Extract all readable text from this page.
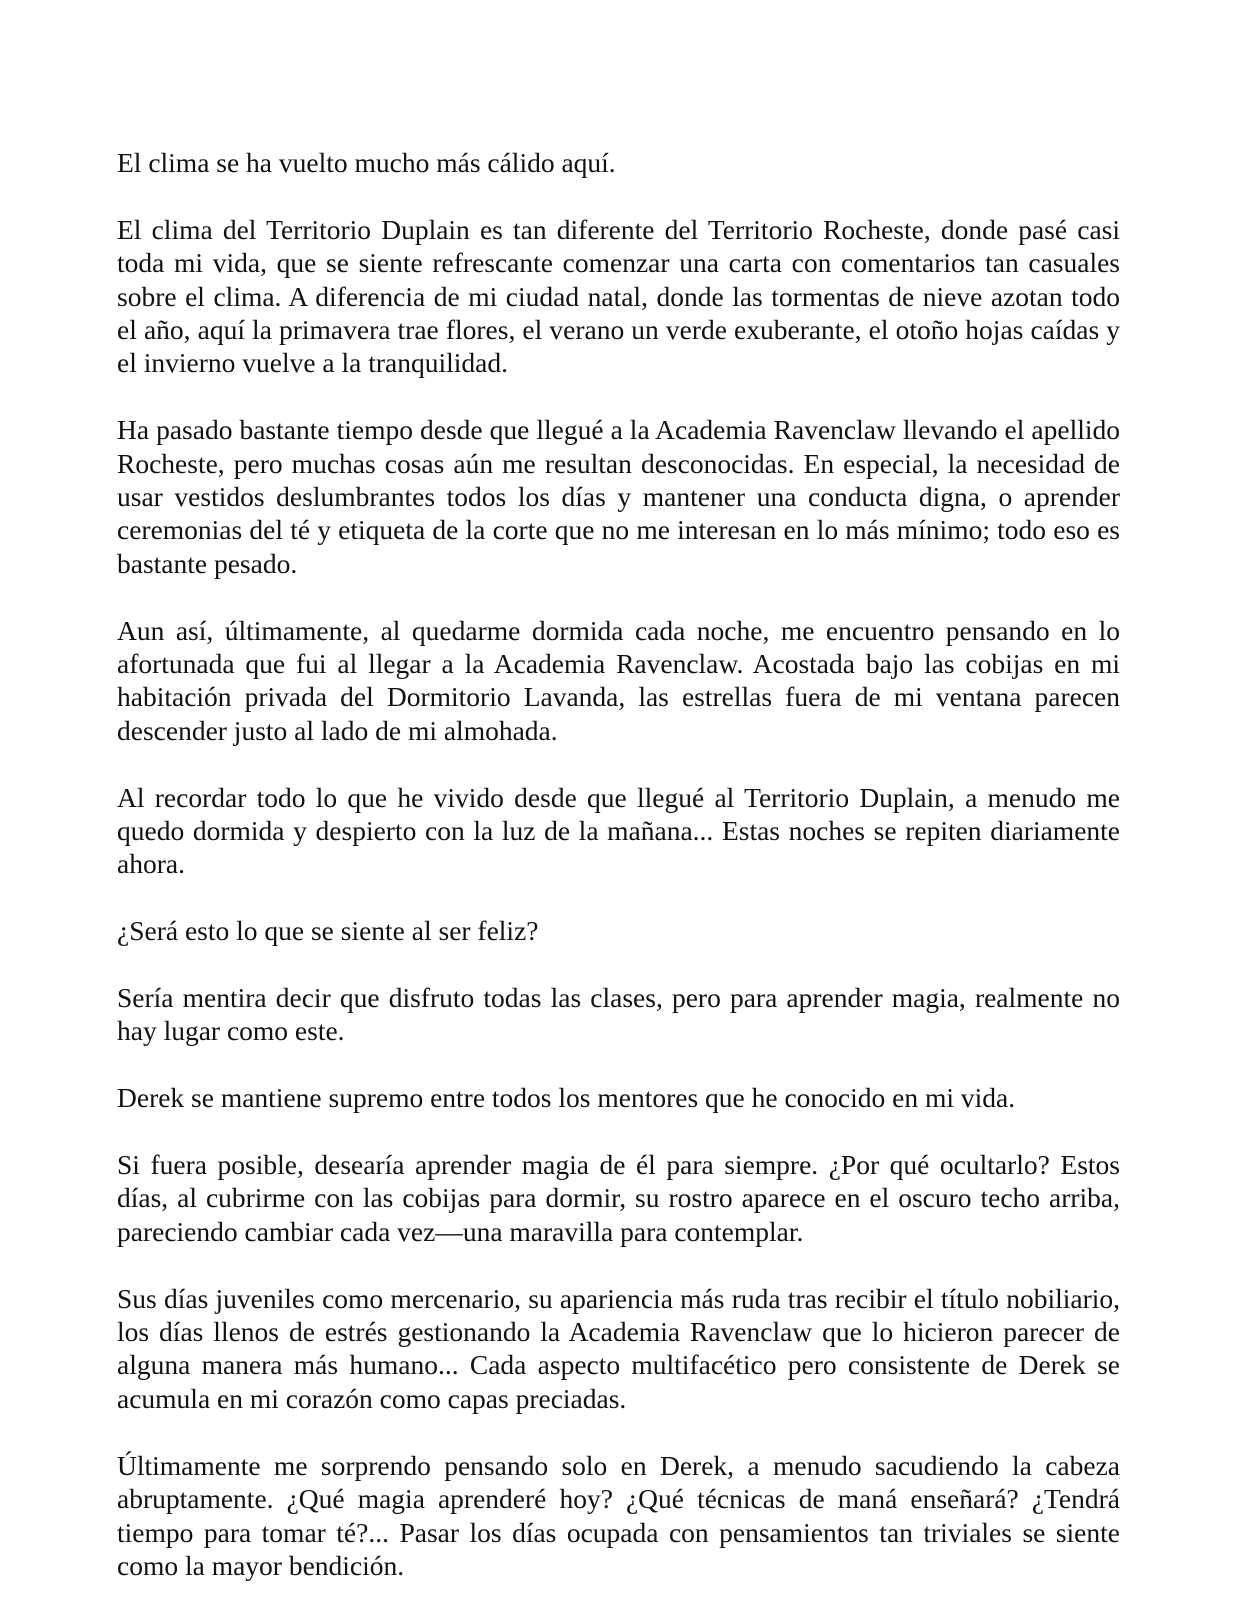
El clima se ha vuelto mucho más cálido aquí.

El clima del Territorio Duplain es tan diferente del Territorio Rocheste, donde pasé casi toda mi vida, que se siente refrescante comenzar una carta con comentarios tan casuales sobre el clima. A diferencia de mi ciudad natal, donde las tormentas de nieve azotan todo el año, aquí la primavera trae flores, el verano un verde exuberante, el otoño hojas caídas y el invierno vuelve a la tranquilidad.

Ha pasado bastante tiempo desde que llegué a la Academia Ravenclaw llevando el apellido Rocheste, pero muchas cosas aún me resultan desconocidas. En especial, la necesidad de usar vestidos deslumbrantes todos los días y mantener una conducta digna, o aprender ceremonias del té y etiqueta de la corte que no me interesan en lo más mínimo; todo eso es bastante pesado.

Aun así, últimamente, al quedarme dormida cada noche, me encuentro pensando en lo afortunada que fui al llegar a la Academia Ravenclaw. Acostada bajo las cobijas en mi habitación privada del Dormitorio Lavanda, las estrellas fuera de mi ventana parecen descender justo al lado de mi almohada.

Al recordar todo lo que he vivido desde que llegué al Territorio Duplain, a menudo me quedo dormida y despierto con la luz de la mañana... Estas noches se repiten diariamente ahora.

¿Será esto lo que se siente al ser feliz?

Sería mentira decir que disfruto todas las clases, pero para aprender magia, realmente no hay lugar como este.

Derek se mantiene supremo entre todos los mentores que he conocido en mi vida.

Si fuera posible, desearía aprender magia de él para siempre. ¿Por qué ocultarlo? Estos días, al cubrirme con las cobijas para dormir, su rostro aparece en el oscuro techo arriba, pareciendo cambiar cada vez—una maravilla para contemplar.

Sus días juveniles como mercenario, su apariencia más ruda tras recibir el título nobiliario, los días llenos de estrés gestionando la Academia Ravenclaw que lo hicieron parecer de alguna manera más humano... Cada aspecto multifacético pero consistente de Derek se acumula en mi corazón como capas preciadas.

Últimamente me sorprendo pensando solo en Derek, a menudo sacudiendo la cabeza abruptamente. ¿Qué magia aprenderé hoy? ¿Qué técnicas de maná enseñará? ¿Tendrá tiempo para tomar té?... Pasar los días ocupada con pensamientos tan triviales se siente como la mayor bendición.
